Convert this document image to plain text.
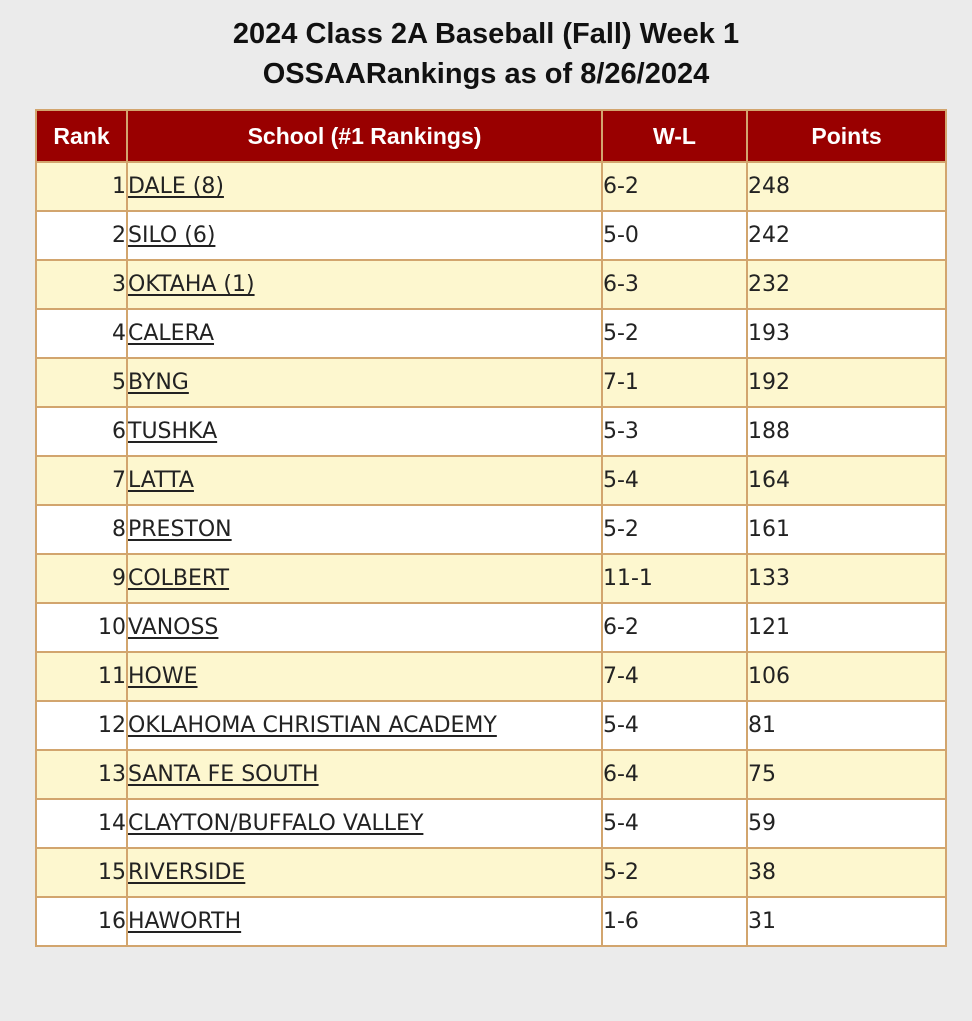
2024 Class 2A Baseball (Fall) Week 1
OSSAARankings as of 8/26/2024
Rank	School (#1 Rankings)	W-L	Points
1	DALE (8)	6-2	248
2	SILO (6)	5-0	242
3	OKTAHA (1)	6-3	232
4	CALERA	5-2	193
5	BYNG	7-1	192
6	TUSHKA	5-3	188
7	LATTA	5-4	164
8	PRESTON	5-2	161
9	COLBERT	11-1	133
10	VANOSS	6-2	121
11	HOWE	7-4	106
12	OKLAHOMA CHRISTIAN ACADEMY	5-4	81
13	SANTA FE SOUTH	6-4	75
14	CLAYTON/BUFFALO VALLEY	5-4	59
15	RIVERSIDE	5-2	38
16	HAWORTH	1-6	31
